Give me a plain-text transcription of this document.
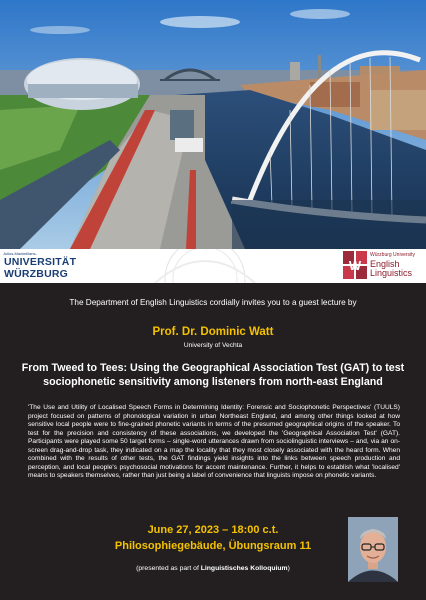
Julius-Maximilians-
UNIVERSITÄT
WÜRZBURG
W
Würzburg University
English
Linguistics
The Department of English Linguistics cordially invites you to a guest lecture by
Prof. Dr. Dominic Watt
University of Vechta
From Tweed to Tees: Using the Geographical Association Test (GAT) to test sociophonetic sensitivity among listeners from north-east England
'The Use and Utility of Localised Speech Forms in Determining Identity: Forensic and Sociophonetic Perspectives' (TUULS) project focused on patterns of phonological variation in urban Northeast England, and among other things looked at how sensitive local people were to fine-grained phonetic variants in terms of the presumed geographical origins of the speaker. To test for the precision and consistency of these associations, we developed the 'Geographical Association Test' (GAT). Participants were played some 50 target forms – single-word utterances drawn from sociolinguistic interviews – and, via an on-screen drag-and-drop task, they indicated on a map the locality that they most closely associated with the heard form. When combined with the results of other tests, the GAT findings yield insights into the links between speech production and perception, and local people's psychosocial motivations for accent maintenance. Further, it helps to establish what 'localised' means to speakers themselves, rather than just being a label of convenience that linguists impose on phonetic variants.
June 27, 2023 – 18:00 c.t.
Philosophiegebäude, Übungsraum 11
(presented as part of Linguistisches Kolloquium)
